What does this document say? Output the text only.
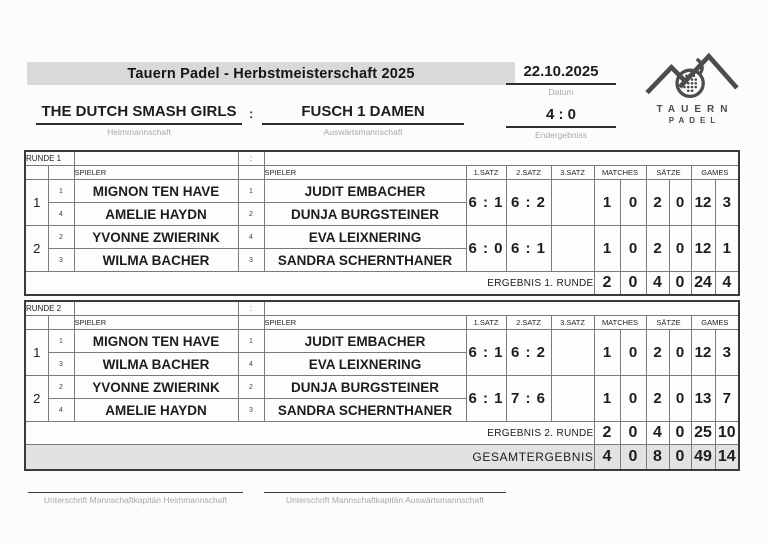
Tauern Padel - Herbstmeisterschaft 2025	22.10.2025
Datum
THE DUTCH SMASH GIRLS
Heimmannschaft
:	FUSCH 1 DAMEN
Auswärtsmannschaft
4 : 0
Endergebniss
TAUERN
PADEL
RUNDE 1			:										
		SPIELER		SPIELER	1.SATZ	2.SATZ	3.SATZ	MATCHES		SÄTZE		GAMES	
1	1	MIGNON TEN HAVE	1	JUDIT EMBACHER	6 : 1	6 : 2		1	0	2	0	12	3
	4	AMELIE HAYDN	2	DUNJA BURGSTEINER									
2	2	YVONNE ZWIERINK	4	EVA LEIXNERING	6 : 0	6 : 1		1	0	2	0	12	1
	3	WILMA BACHER	3	SANDRA SCHERNTHANER									
ERGEBNIS 1. RUNDE								2	0	4	0	24	4
RUNDE 2			:										
		SPIELER		SPIELER	1.SATZ	2.SATZ	3.SATZ	MATCHES		SÄTZE		GAMES	
1	1	MIGNON TEN HAVE	1	JUDIT EMBACHER	6 : 1	6 : 2		1	0	2	0	12	3
	3	WILMA BACHER	4	EVA LEIXNERING									
2	2	YVONNE ZWIERINK	2	DUNJA BURGSTEINER	6 : 1	7 : 6		1	0	2	0	13	7
	4	AMELIE HAYDN	3	SANDRA SCHERNTHANER									
ERGEBNIS 2. RUNDE								2	0	4	0	25	10
GESAMTERGEBNIS								4	0	8	0	49	14
Unterschrift Mannschaftkapitän Heimmannschaft	Unterschrift Mannschaftkapitän Auswärtsmannschaft
